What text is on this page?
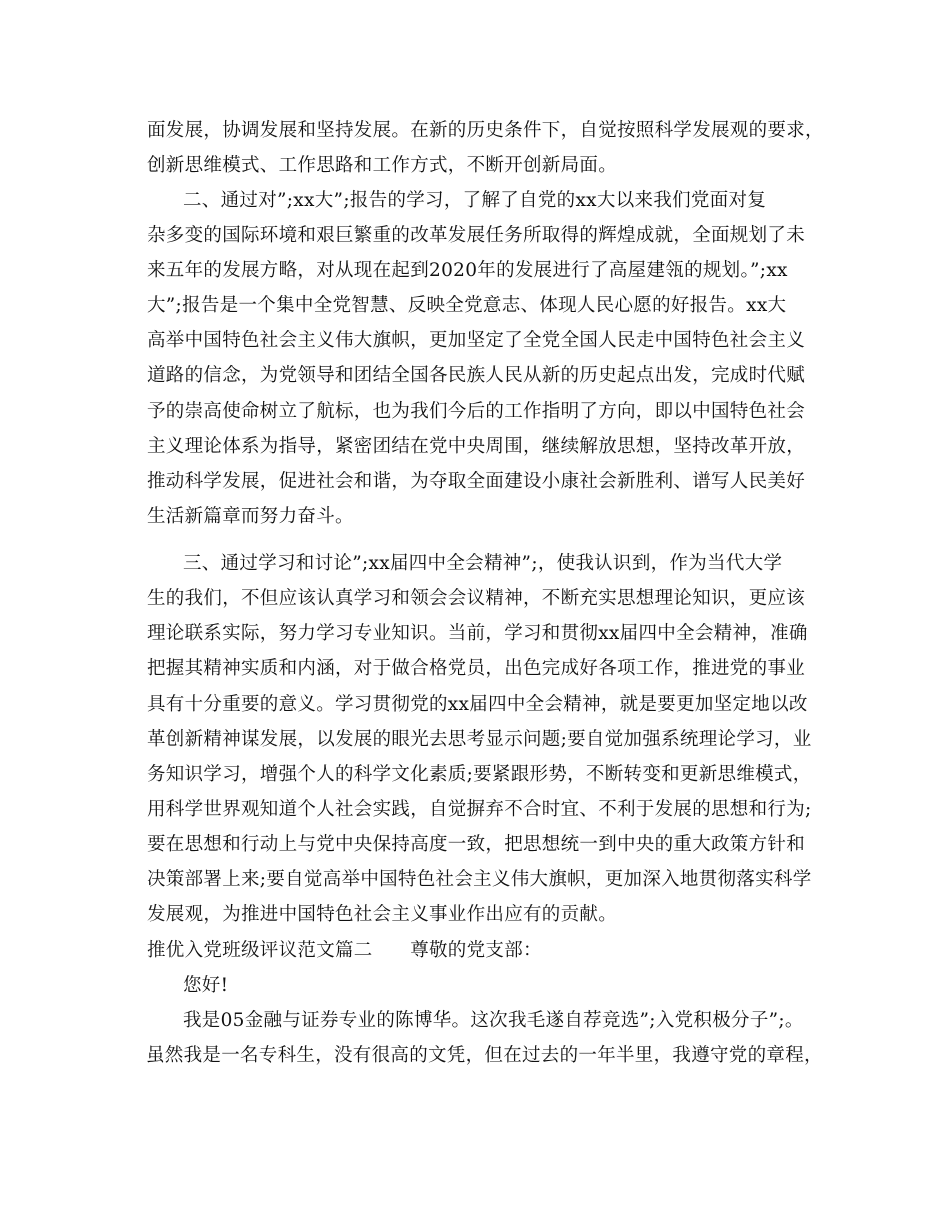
面发展，协调发展和坚持发展。在新的历史条件下，自觉按照科学发展观的要求，
创新思维模式、工作思路和工作方式，不断开创新局面。
二、通过对”;xx大”;报告的学习，了解了自党的xx大以来我们党面对复
杂多变的国际环境和艰巨繁重的改革发展任务所取得的辉煌成就，全面规划了未
来五年的发展方略，对从现在起到2020年的发展进行了高屋建瓴的规划。”;xx
大”;报告是一个集中全党智慧、反映全党意志、体现人民心愿的好报告。xx大
高举中国特色社会主义伟大旗帜，更加坚定了全党全国人民走中国特色社会主义
道路的信念，为党领导和团结全国各民族人民从新的历史起点出发，完成时代赋
予的崇高使命树立了航标，也为我们今后的工作指明了方向，即以中国特色社会
主义理论体系为指导，紧密团结在党中央周围，继续解放思想，坚持改革开放，
推动科学发展，促进社会和谐，为夺取全面建设小康社会新胜利、谱写人民美好
生活新篇章而努力奋斗。
三、通过学习和讨论”;xx届四中全会精神”;，使我认识到，作为当代大学
生的我们，不但应该认真学习和领会会议精神，不断充实思想理论知识，更应该
理论联系实际，努力学习专业知识。当前，学习和贯彻xx届四中全会精神，准确
把握其精神实质和内涵，对于做合格党员，出色完成好各项工作，推进党的事业
具有十分重要的意义。学习贯彻党的xx届四中全会精神，就是要更加坚定地以改
革创新精神谋发展，以发展的眼光去思考显示问题;要自觉加强系统理论学习，业
务知识学习，增强个人的科学文化素质;要紧跟形势，不断转变和更新思维模式，
用科学世界观知道个人社会实践，自觉摒弃不合时宜、不利于发展的思想和行为;
要在思想和行动上与党中央保持高度一致，把思想统一到中央的重大政策方针和
决策部署上来;要自觉高举中国特色社会主义伟大旗帜，更加深入地贯彻落实科学
发展观，为推进中国特色社会主义事业作出应有的贡献。
推优入党班级评议范文篇二　　尊敬的党支部：
您好!
我是05金融与证券专业的陈博华。这次我毛遂自荐竞选”;入党积极分子”;。
虽然我是一名专科生，没有很高的文凭，但在过去的一年半里，我遵守党的章程，
